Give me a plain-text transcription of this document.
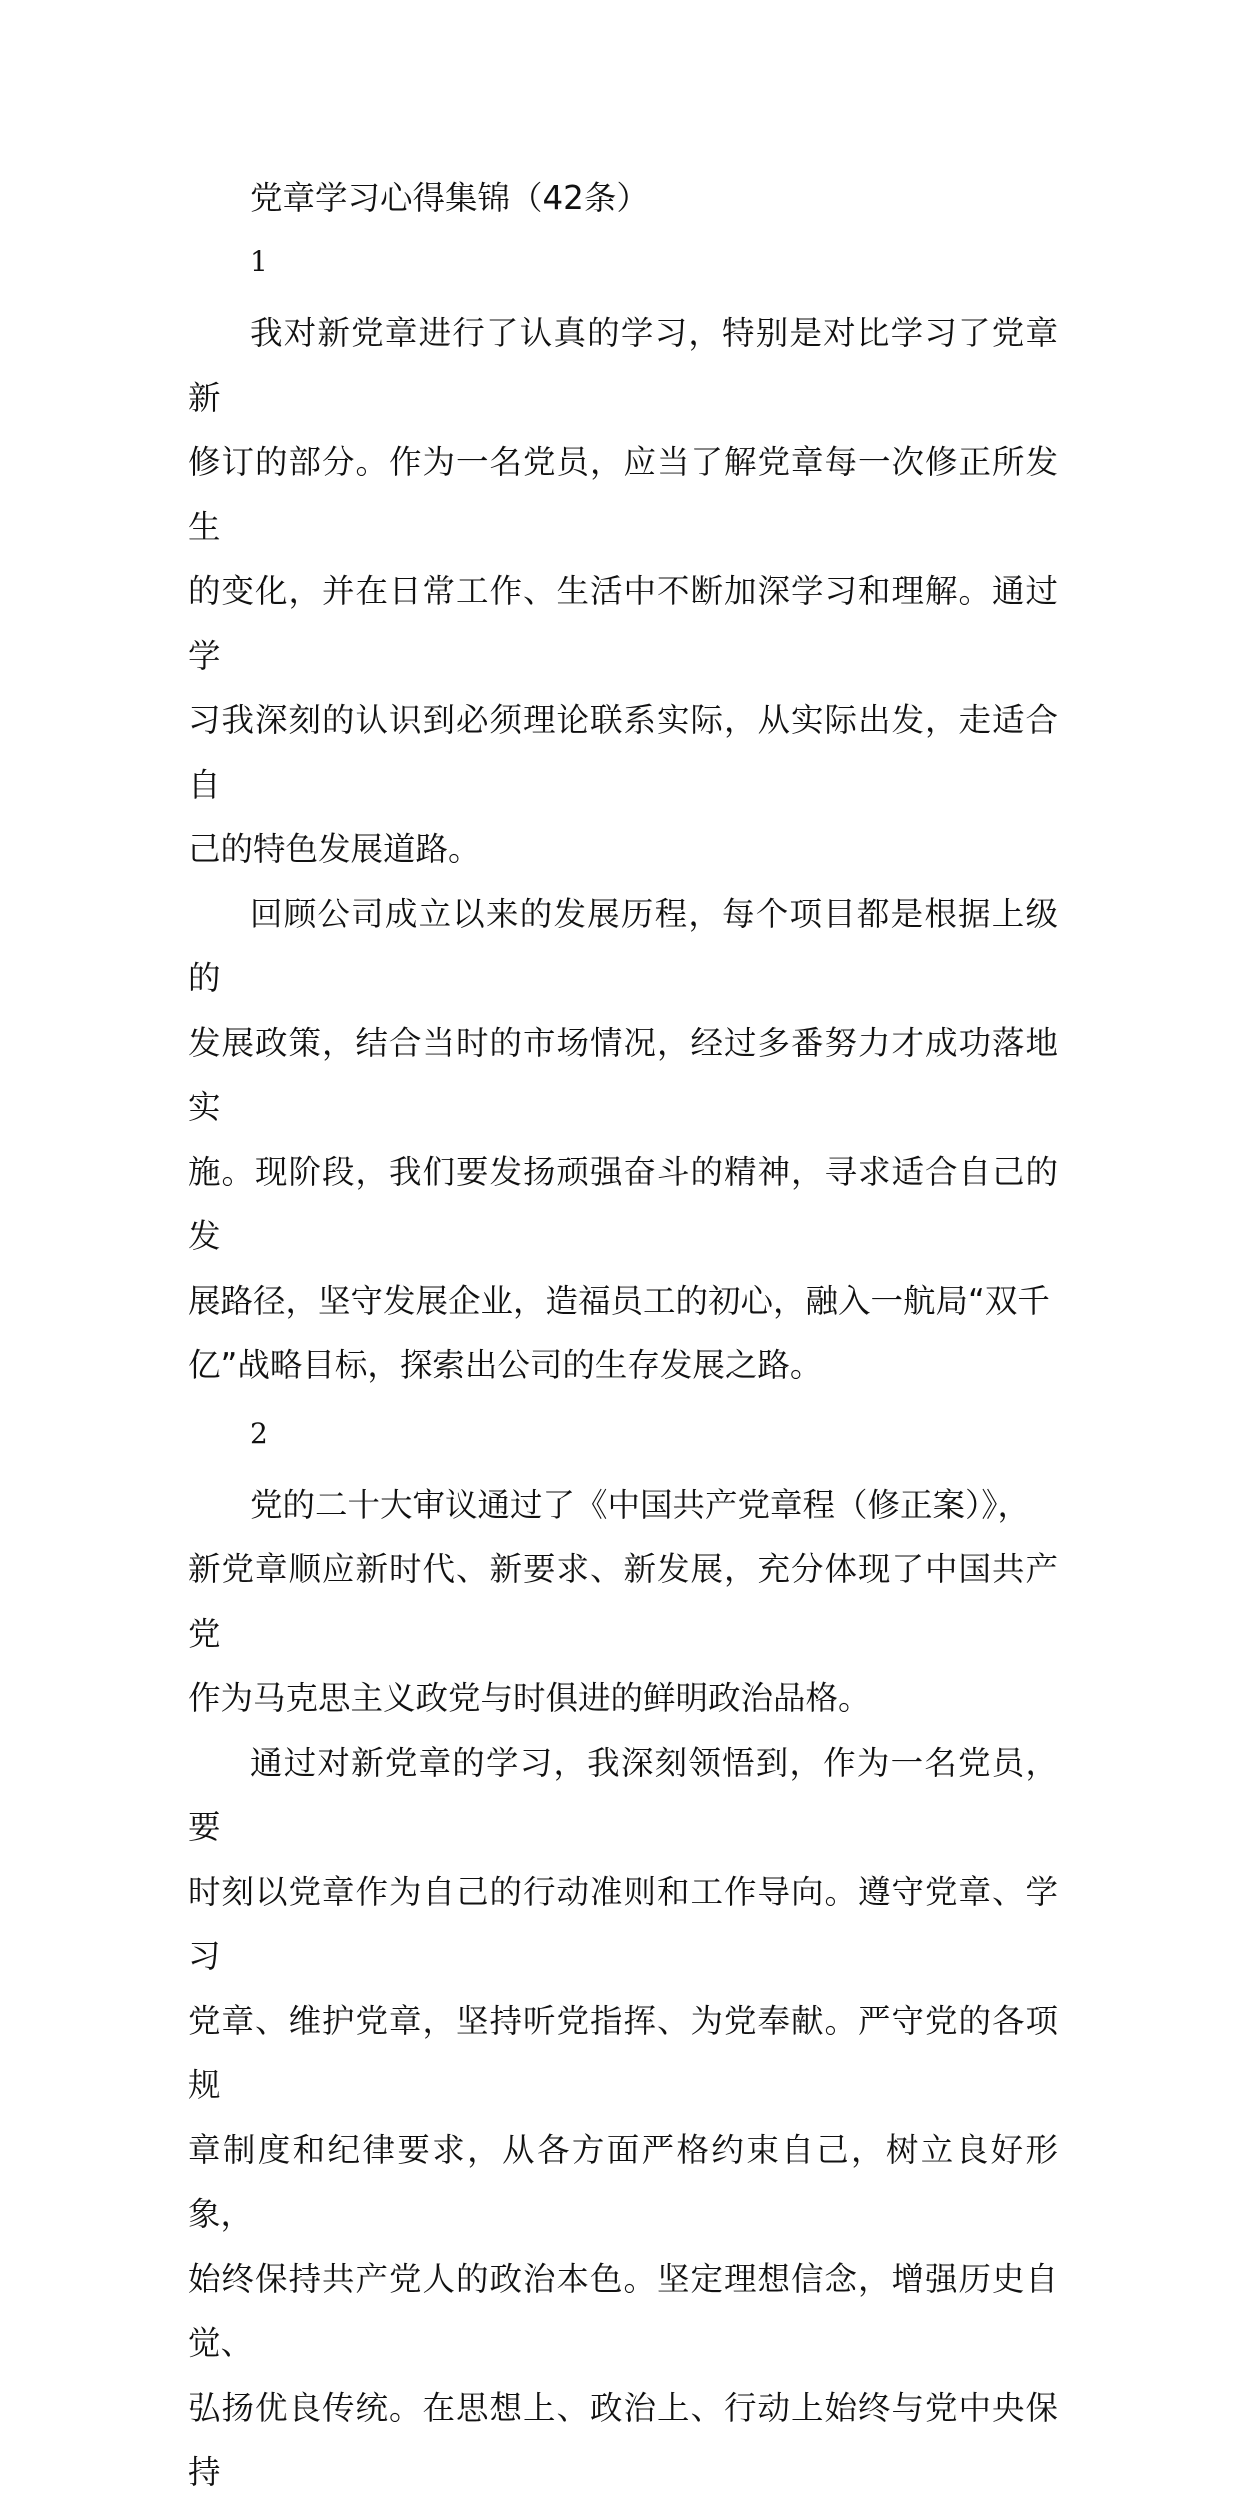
党章学习心得集锦（42条）
1

我对新党章进行了认真的学习，特别是对比学习了党章新
修订的部分。作为一名党员，应当了解党章每一次修正所发生
的变化，并在日常工作、生活中不断加深学习和理解。通过学
习我深刻的认识到必须理论联系实际，从实际出发，走适合自
己的特色发展道路。

回顾公司成立以来的发展历程，每个项目都是根据上级的
发展政策，结合当时的市场情况，经过多番努力才成功落地实
施。现阶段，我们要发扬顽强奋斗的精神，寻求适合自己的发
展路径，坚守发展企业，造福员工的初心，融入一航局“双千
亿”战略目标，探索出公司的生存发展之路。

2

党的二十大审议通过了《中国共产党章程（修正案）》，
新党章顺应新时代、新要求、新发展，充分体现了中国共产党
作为马克思主义政党与时俱进的鲜明政治品格。

通过对新党章的学习，我深刻领悟到，作为一名党员，要
时刻以党章作为自己的行动准则和工作导向。遵守党章、学习
党章、维护党章，坚持听党指挥、为党奉献。严守党的各项规
章制度和纪律要求，从各方面严格约束自己，树立良好形象，
始终保持共产党人的政治本色。坚定理想信念，增强历史自觉、
弘扬优良传统。在思想上、政治上、行动上始终与党中央保持
